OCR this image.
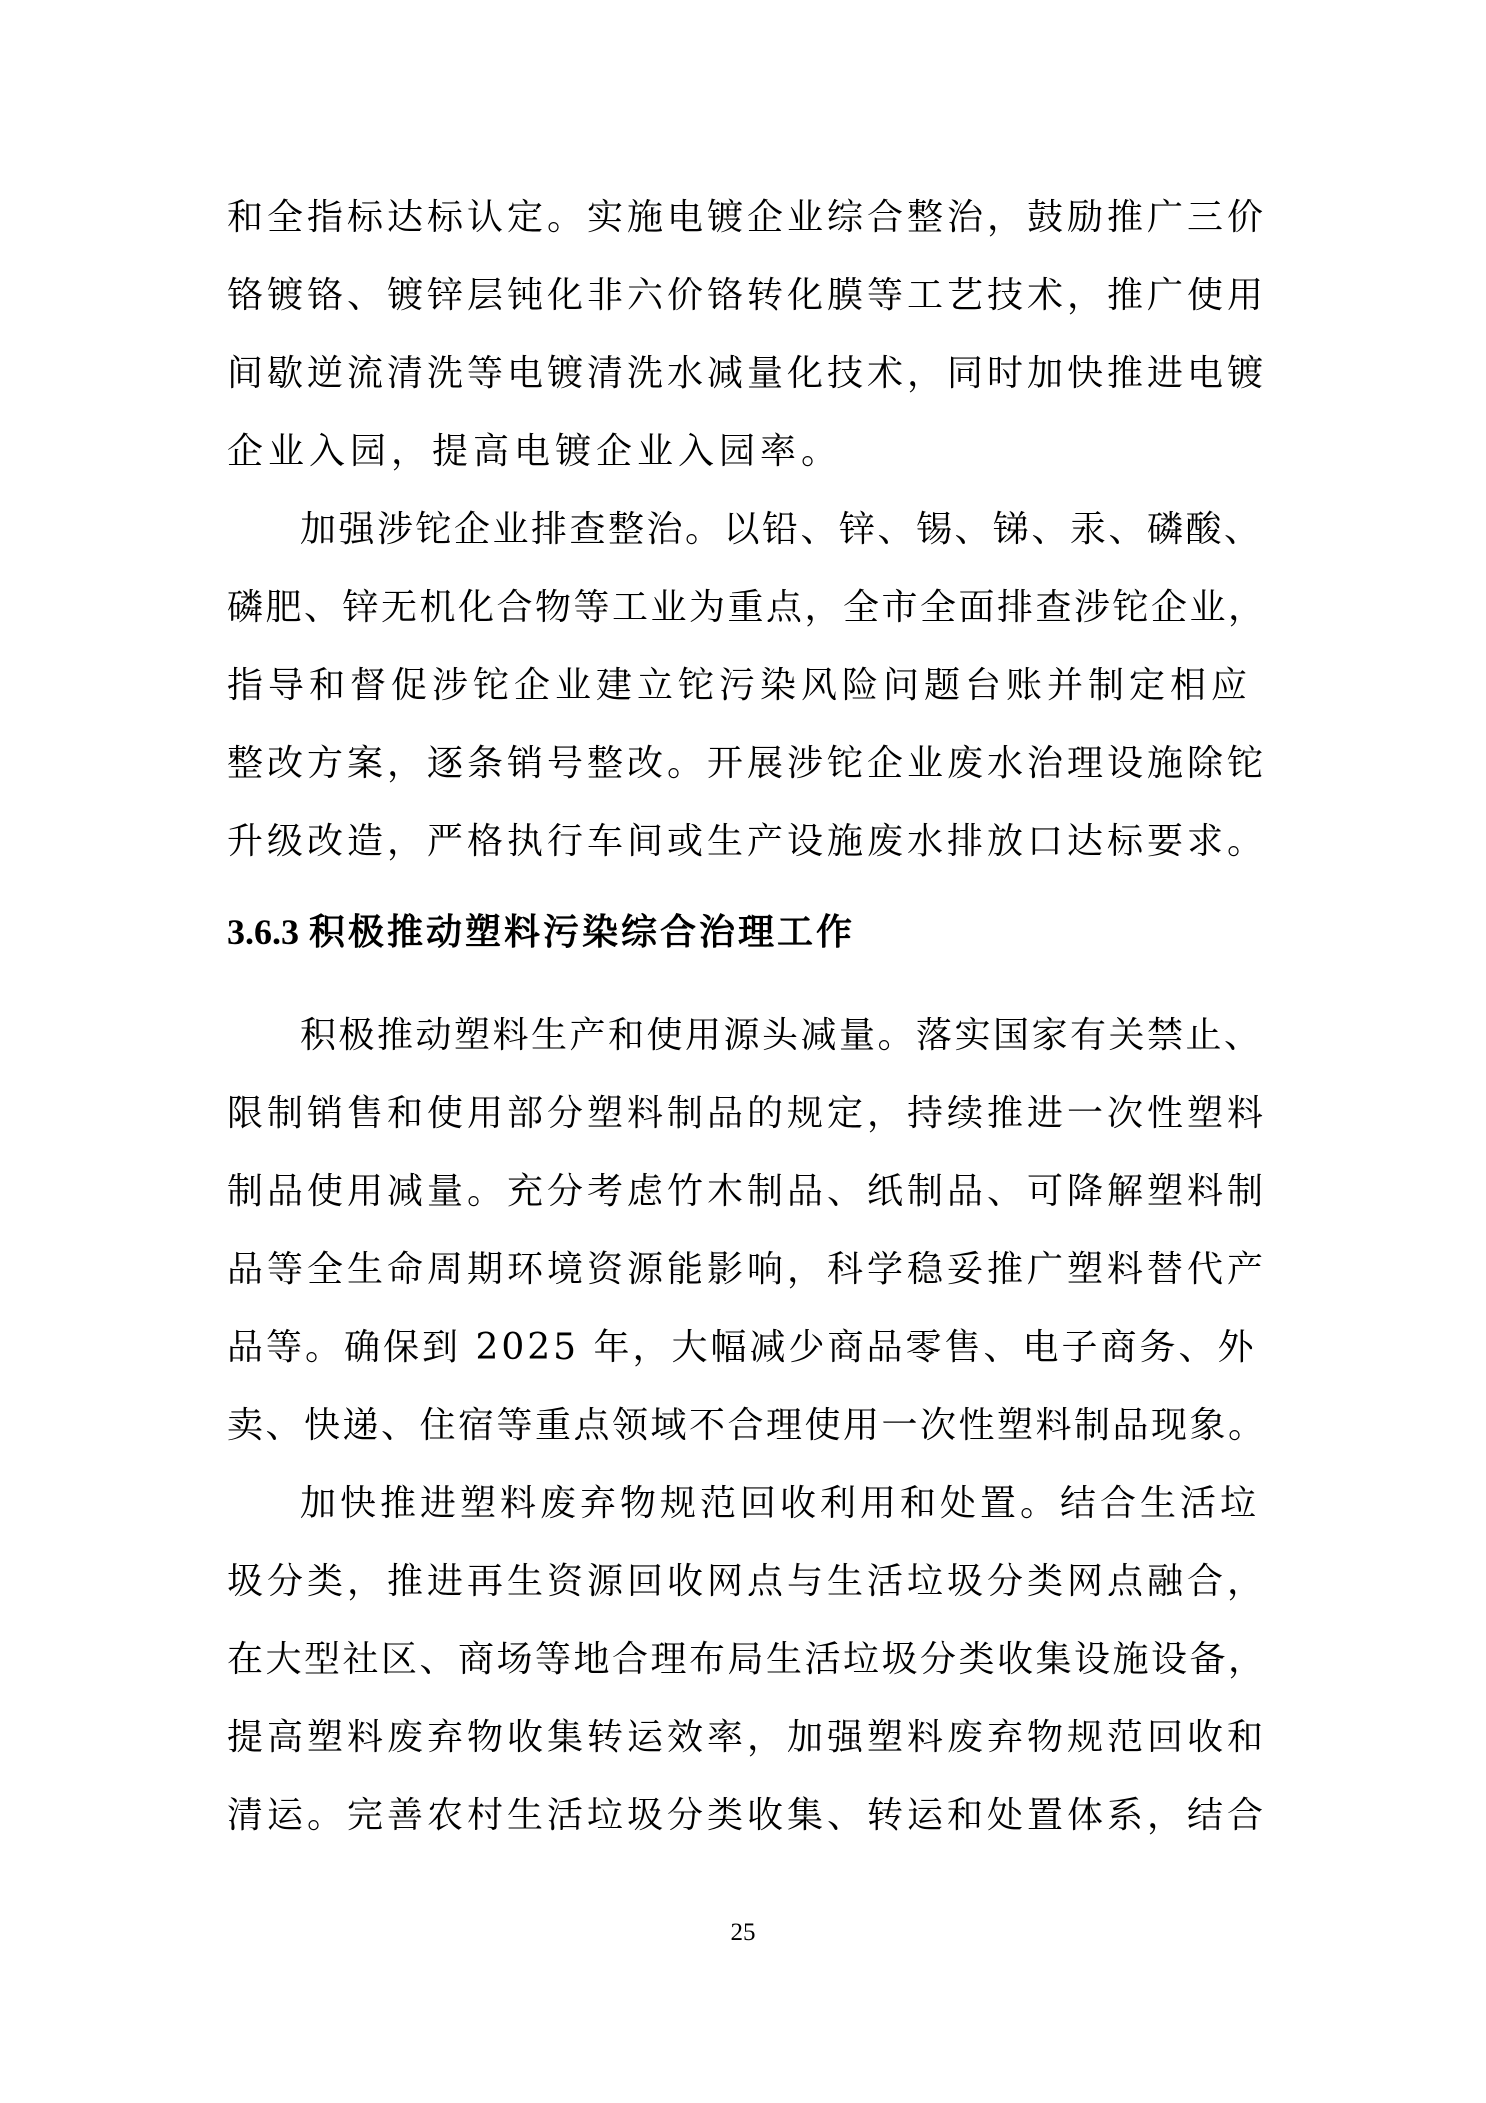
和全指标达标认定。实施电镀企业综合整治，鼓励推广三价
铬镀铬、镀锌层钝化非六价铬转化膜等工艺技术，推广使用
间歇逆流清洗等电镀清洗水减量化技术，同时加快推进电镀
企业入园，提高电镀企业入园率。
加强涉铊企业排查整治。以铅、锌、锡、锑、汞、磷酸、
磷肥、锌无机化合物等工业为重点，全市全面排查涉铊企业，
指导和督促涉铊企业建立铊污染风险问题台账并制定相应
整改方案，逐条销号整改。开展涉铊企业废水治理设施除铊
升级改造，严格执行车间或生产设施废水排放口达标要求。
3.6.3 积极推动塑料污染综合治理工作
积极推动塑料生产和使用源头减量。落实国家有关禁止、
限制销售和使用部分塑料制品的规定，持续推进一次性塑料
制品使用减量。充分考虑竹木制品、纸制品、可降解塑料制
品等全生命周期环境资源能影响，科学稳妥推广塑料替代产
品等。确保到 2025 年，大幅减少商品零售、电子商务、外
卖、快递、住宿等重点领域不合理使用一次性塑料制品现象。
加快推进塑料废弃物规范回收利用和处置。结合生活垃
圾分类，推进再生资源回收网点与生活垃圾分类网点融合，
在大型社区、商场等地合理布局生活垃圾分类收集设施设备，
提高塑料废弃物收集转运效率，加强塑料废弃物规范回收和
清运。完善农村生活垃圾分类收集、转运和处置体系，结合
25
